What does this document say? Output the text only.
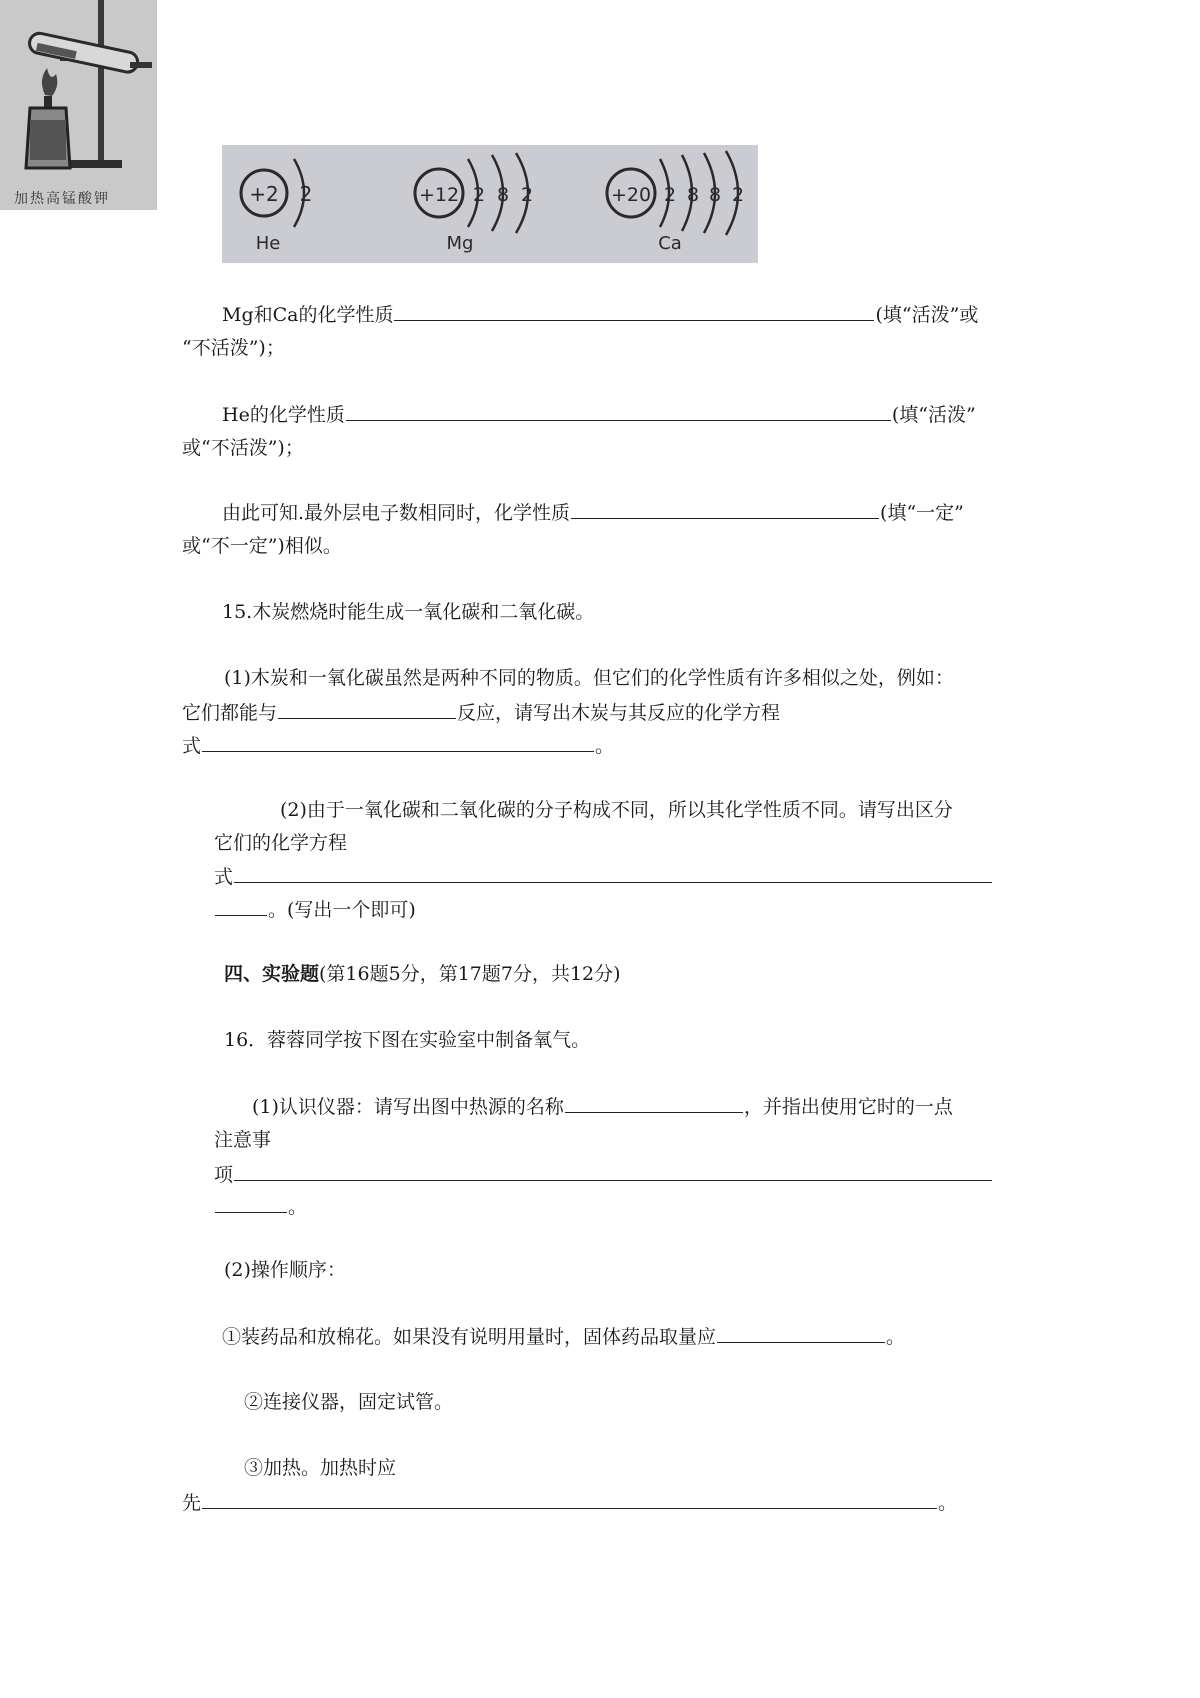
加热高锰酸钾	+2 2
He
+12 2 8 2
Mg
+20 2 8 8 2
Ca
Mg和Ca的化学性质	(填“活泼”或
“不活泼”)；
He的化学性质	(填“活泼”
或“不活泼”)；
由此可知.最外层电子数相同时，化学性质	(填“一定”
或“不一定”)相似。
15.木炭燃烧时能生成一氧化碳和二氧化碳。
(1)木炭和一氧化碳虽然是两种不同的物质。但它们的化学性质有许多相似之处，例如：
它们都能与	反应，请写出木炭与其反应的化学方程
式	。
(2)由于一氧化碳和二氧化碳的分子构成不同，所以其化学性质不同。请写出区分
它们的化学方程
式
。(写出一个即可)
四、实验题(第16题5分，第17题7分，共12分)
16．蓉蓉同学按下图在实验室中制备氧气。
(1)认识仪器：请写出图中热源的名称	，并指出使用它时的一点
注意事
项
。
(2)操作顺序：
①装药品和放棉花。如果没有说明用量时，固体药品取量应	。
②连接仪器，固定试管。
③加热。加热时应
先	。
